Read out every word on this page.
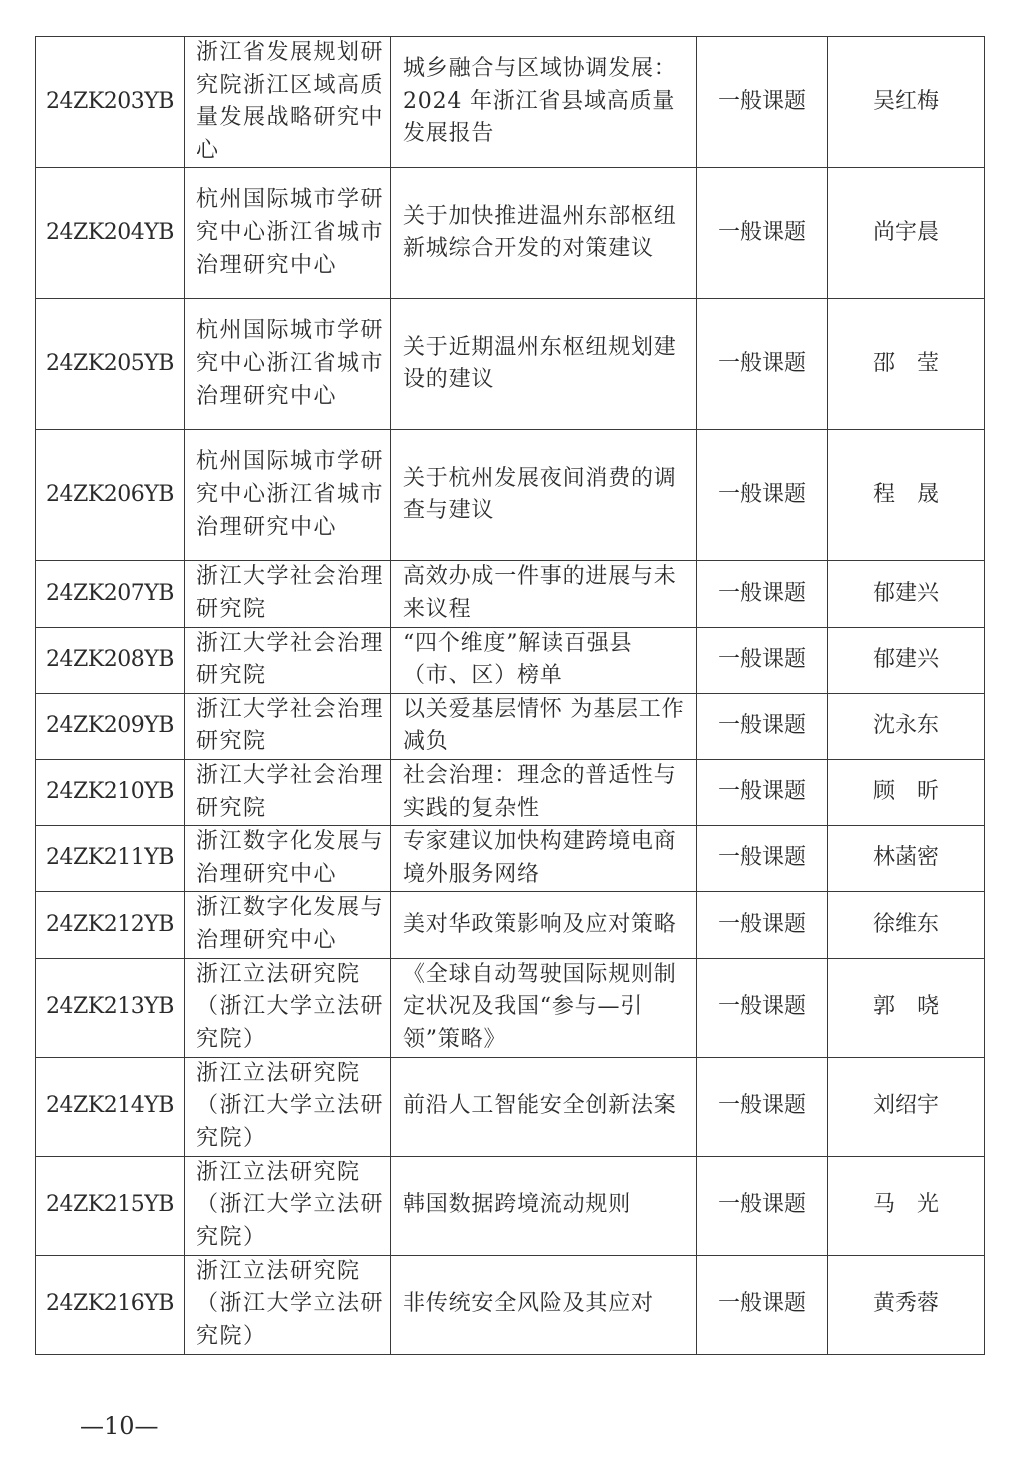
24ZK203YB	浙江省发展规划研究院浙江区域高质量发展战略研究中心	城乡融合与区域协调发展：2024 年浙江省县域高质量发展报告	一般课题	吴红梅
24ZK204YB	杭州国际城市学研究中心浙江省城市治理研究中心	关于加快推进温州东部枢纽新城综合开发的对策建议	一般课题	尚宇晨
24ZK205YB	杭州国际城市学研究中心浙江省城市治理研究中心	关于近期温州东枢纽规划建设的建议	一般课题	邵　莹
24ZK206YB	杭州国际城市学研究中心浙江省城市治理研究中心	关于杭州发展夜间消费的调查与建议	一般课题	程　晟
24ZK207YB	浙江大学社会治理研究院	高效办成一件事的进展与未来议程	一般课题	郁建兴
24ZK208YB	浙江大学社会治理研究院	“四个维度”解读百强县（市、区）榜单	一般课题	郁建兴
24ZK209YB	浙江大学社会治理研究院	以关爱基层情怀 为基层工作减负	一般课题	沈永东
24ZK210YB	浙江大学社会治理研究院	社会治理：理念的普适性与实践的复杂性	一般课题	顾　昕
24ZK211YB	浙江数字化发展与治理研究中心	专家建议加快构建跨境电商境外服务网络	一般课题	林菡密
24ZK212YB	浙江数字化发展与治理研究中心	美对华政策影响及应对策略	一般课题	徐维东
24ZK213YB	浙江立法研究院（浙江大学立法研究院）	《全球自动驾驶国际规则制定状况及我国“参与—引领”策略》	一般课题	郭　哓
24ZK214YB	浙江立法研究院（浙江大学立法研究院）	前沿人工智能安全创新法案	一般课题	刘绍宇
24ZK215YB	浙江立法研究院（浙江大学立法研究院）	韩国数据跨境流动规则	一般课题	马　光
24ZK216YB	浙江立法研究院（浙江大学立法研究院）	非传统安全风险及其应对	一般课题	黄秀蓉
—10—
